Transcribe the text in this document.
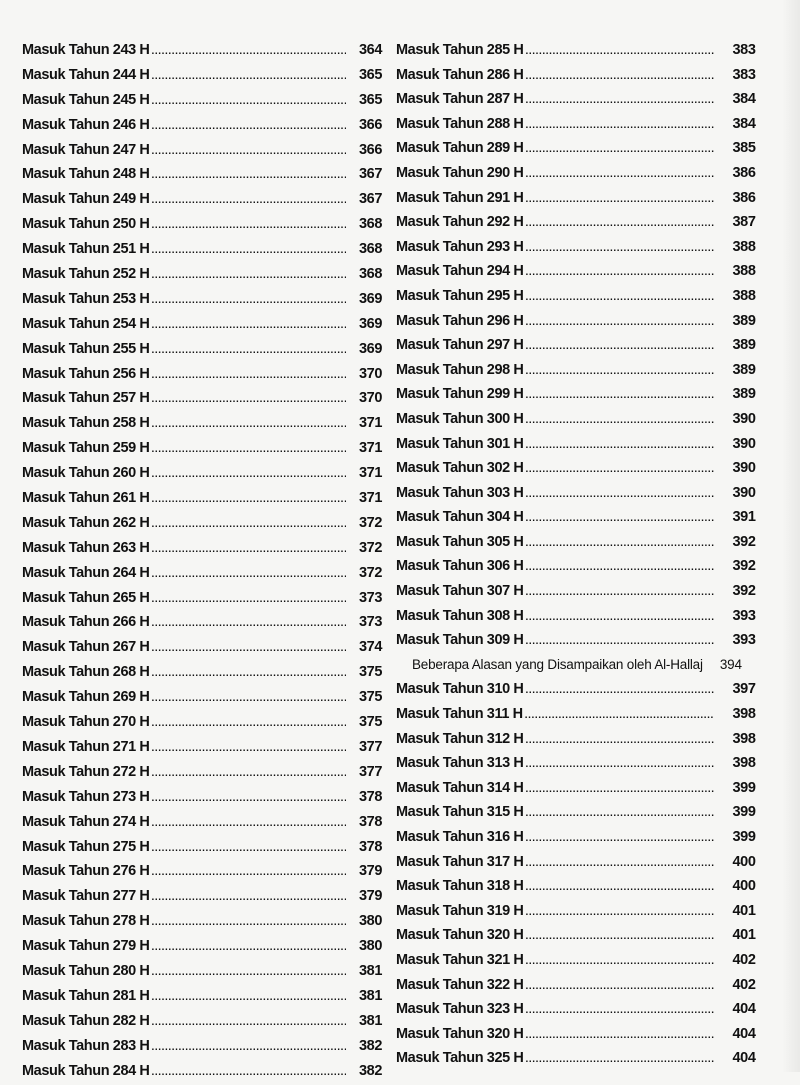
Masuk Tahun 243 H .....	364
Masuk Tahun 244 H .....	365
Masuk Tahun 245 H .....	365
Masuk Tahun 246 H .....	366
Masuk Tahun 247 H .....	366
Masuk Tahun 248 H .....	367
Masuk Tahun 249 H .....	367
Masuk Tahun 250 H .....	368
Masuk Tahun 251 H .....	368
Masuk Tahun 252 H .....	368
Masuk Tahun 253 H .....	369
Masuk Tahun 254 H .....	369
Masuk Tahun 255 H .....	369
Masuk Tahun 256 H .....	370
Masuk Tahun 257 H .....	370
Masuk Tahun 258 H .....	371
Masuk Tahun 259 H .....	371
Masuk Tahun 260 H .....	371
Masuk Tahun 261 H .....	371
Masuk Tahun 262 H .....	372
Masuk Tahun 263 H .....	372
Masuk Tahun 264 H .....	372
Masuk Tahun 265 H .....	373
Masuk Tahun 266 H .....	373
Masuk Tahun 267 H .....	374
Masuk Tahun 268 H .....	375
Masuk Tahun 269 H .....	375
Masuk Tahun 270 H .....	375
Masuk Tahun 271 H .....	377
Masuk Tahun 272 H .....	377
Masuk Tahun 273 H .....	378
Masuk Tahun 274 H .....	378
Masuk Tahun 275 H .....	378
Masuk Tahun 276 H .....	379
Masuk Tahun 277 H .....	379
Masuk Tahun 278 H .....	380
Masuk Tahun 279 H .....	380
Masuk Tahun 280 H .....	381
Masuk Tahun 281 H .....	381
Masuk Tahun 282 H .....	381
Masuk Tahun 283 H .....	382
Masuk Tahun 284 H .....	382
Masuk Tahun 285 H .....	383
Masuk Tahun 286 H .....	383
Masuk Tahun 287 H .....	384
Masuk Tahun 288 H .....	384
Masuk Tahun 289 H .....	385
Masuk Tahun 290 H .....	386
Masuk Tahun 291 H .....	386
Masuk Tahun 292 H .....	387
Masuk Tahun 293 H .....	388
Masuk Tahun 294 H .....	388
Masuk Tahun 295 H .....	388
Masuk Tahun 296 H .....	389
Masuk Tahun 297 H .....	389
Masuk Tahun 298 H .....	389
Masuk Tahun 299 H .....	389
Masuk Tahun 300 H .....	390
Masuk Tahun 301 H .....	390
Masuk Tahun 302 H .....	390
Masuk Tahun 303 H .....	390
Masuk Tahun 304 H .....	391
Masuk Tahun 305 H .....	392
Masuk Tahun 306 H .....	392
Masuk Tahun 307 H .....	392
Masuk Tahun 308 H .....	393
Masuk Tahun 309 H .....	393
Beberapa Alasan yang Disampaikan oleh Al-Hallaj	394
Masuk Tahun 310 H .....	397
Masuk Tahun 311 H .....	398
Masuk Tahun 312 H .....	398
Masuk Tahun 313 H .....	398
Masuk Tahun 314 H .....	399
Masuk Tahun 315 H .....	399
Masuk Tahun 316 H .....	399
Masuk Tahun 317 H .....	400
Masuk Tahun 318 H .....	400
Masuk Tahun 319 H .....	401
Masuk Tahun 320 H .....	401
Masuk Tahun 321 H .....	402
Masuk Tahun 322 H .....	402
Masuk Tahun 323 H .....	404
Masuk Tahun 320 H .....	404
Masuk Tahun 325 H .....	404
